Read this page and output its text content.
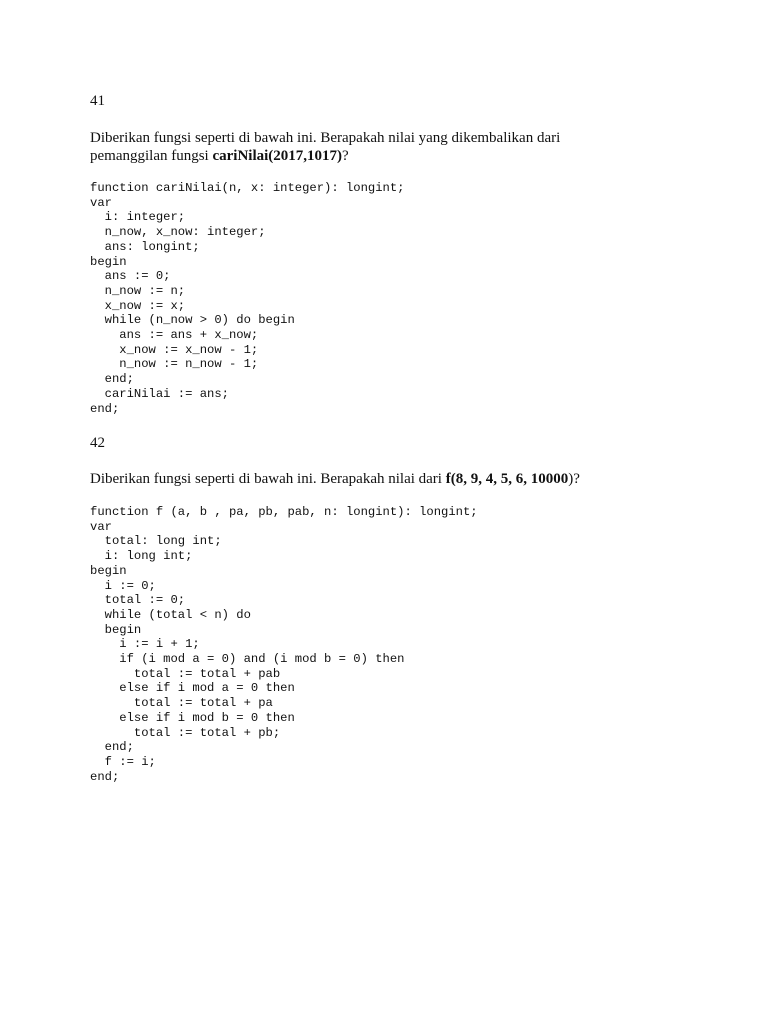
41

Diberikan fungsi seperti di bawah ini. Berapakah nilai yang dikembalikan dari

pemanggilan fungsi cariNilai(2017,1017)?

function cariNilai(n, x: integer): longint;
var
i: integer;
n_now, x_now: integer;
ans: longint;
begin
ans := 0;
n_now := n;
x_now := x;
while (n_now > 0) do begin
ans := ans + x_now;
x_now := x_now - 1;
n_now := n_now - 1;
end;
cariNilai := ans;
end;
42

Diberikan fungsi seperti di bawah ini. Berapakah nilai dari f(8, 9, 4, 5, 6, 10000)?

function f (a, b , pa, pb, pab, n: longint): longint;
var
total: long int;
i: long int;
begin
i := 0;
total := 0;
while (total < n) do
begin
i := i + 1;
if (i mod a = 0) and (i mod b = 0) then
total := total + pab
else if i mod a = 0 then
total := total + pa
else if i mod b = 0 then
total := total + pb;
end;
f := i;
end;
